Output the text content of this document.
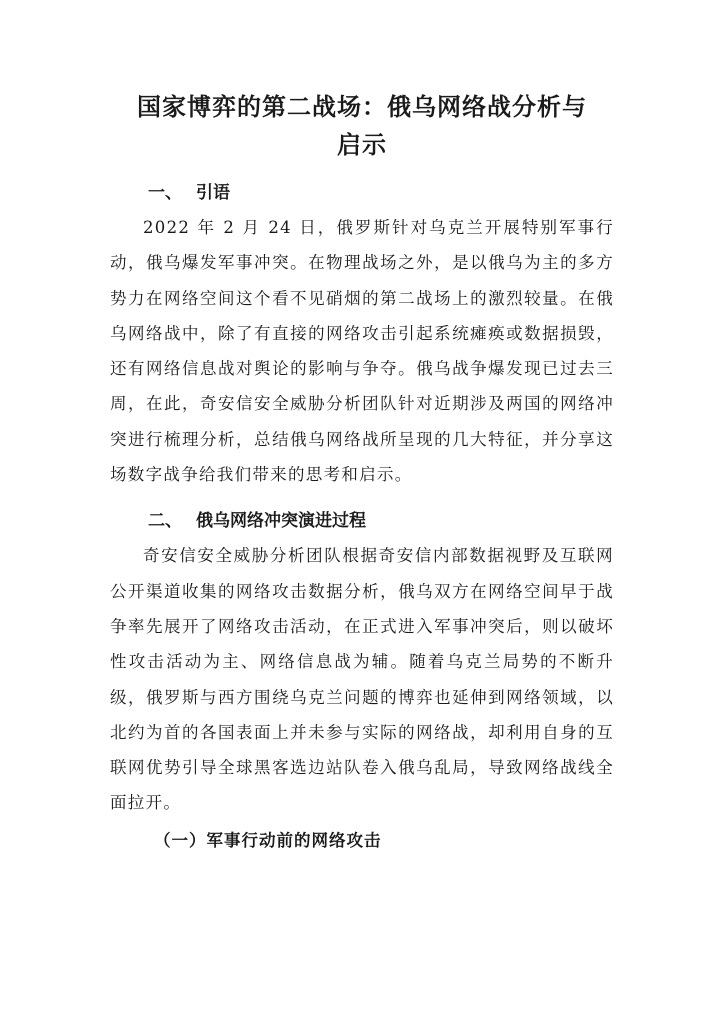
国家博弈的第二战场：俄乌网络战分析与
启示
一、 引语

2022 年 2 月 24 日，俄罗斯针对乌克兰开展特别军事行动，俄乌爆发军事冲突。在物理战场之外，是以俄乌为主的多方势力在网络空间这个看不见硝烟的第二战场上的激烈较量。在俄乌网络战中，除了有直接的网络攻击引起系统瘫痪或数据损毁，还有网络信息战对舆论的影响与争夺。俄乌战争爆发现已过去三周，在此，奇安信安全威胁分析团队针对近期涉及两国的网络冲突进行梳理分析，总结俄乌网络战所呈现的几大特征，并分享这场数字战争给我们带来的思考和启示。

二、 俄乌网络冲突演进过程

奇安信安全威胁分析团队根据奇安信内部数据视野及互联网公开渠道收集的网络攻击数据分析，俄乌双方在网络空间早于战争率先展开了网络攻击活动，在正式进入军事冲突后，则以破坏性攻击活动为主、网络信息战为辅。随着乌克兰局势的不断升级，俄罗斯与西方围绕乌克兰问题的博弈也延伸到网络领域，以北约为首的各国表面上并未参与实际的网络战，却利用自身的互联网优势引导全球黑客选边站队卷入俄乌乱局，导致网络战线全面拉开。

（一）军事行动前的网络攻击
